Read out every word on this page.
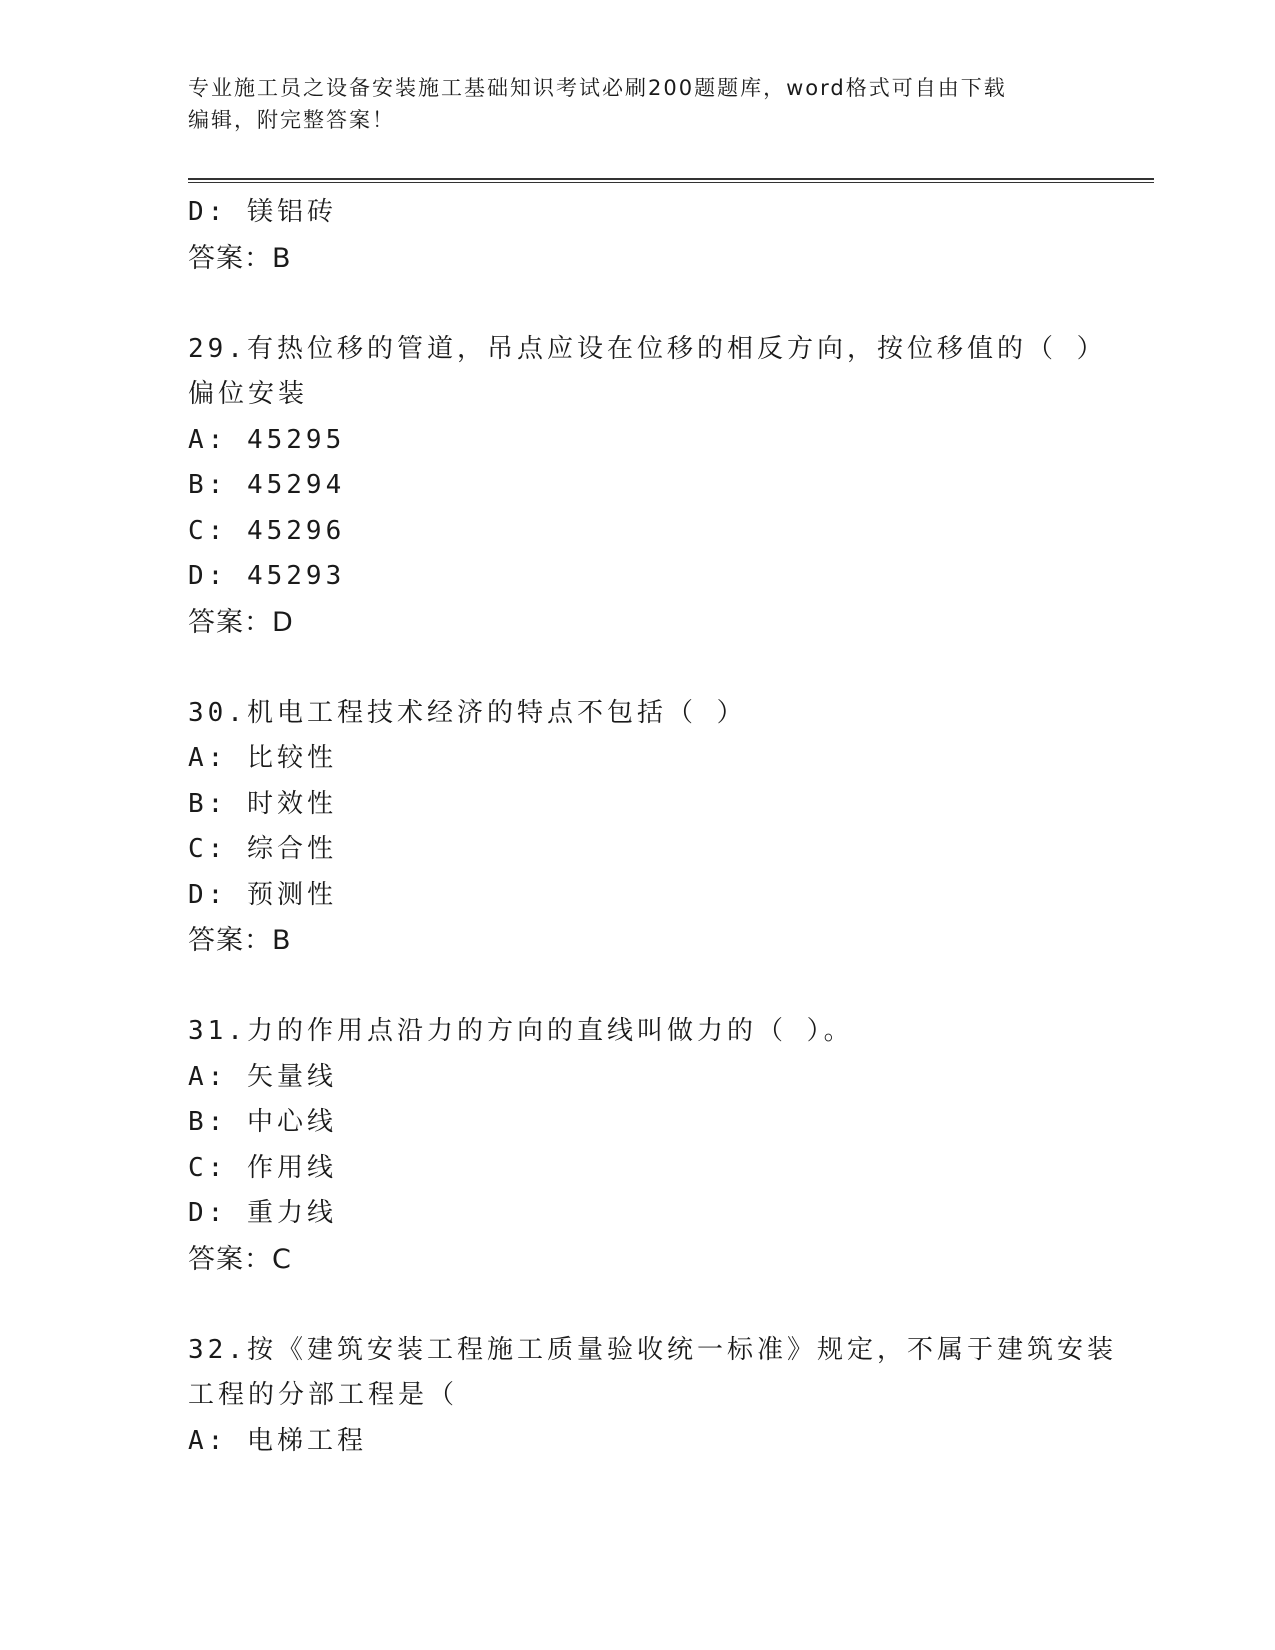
专业施工员之设备安装施工基础知识考试必刷200题题库，word格式可自由下载
编辑，附完整答案！
D: 镁铝砖
答案：B
29.有热位移的管道，吊点应设在位移的相反方向，按位移值的（ ）
偏位安装
A: 45295
B: 45294
C: 45296
D: 45293
答案：D
30.机电工程技术经济的特点不包括（ ）
A: 比较性
B: 时效性
C: 综合性
D: 预测性
答案：B
31.力的作用点沿力的方向的直线叫做力的（ ）。
A: 矢量线
B: 中心线
C: 作用线
D: 重力线
答案：C
32.按《建筑安装工程施工质量验收统一标准》规定，不属于建筑安装
工程的分部工程是（
A: 电梯工程
